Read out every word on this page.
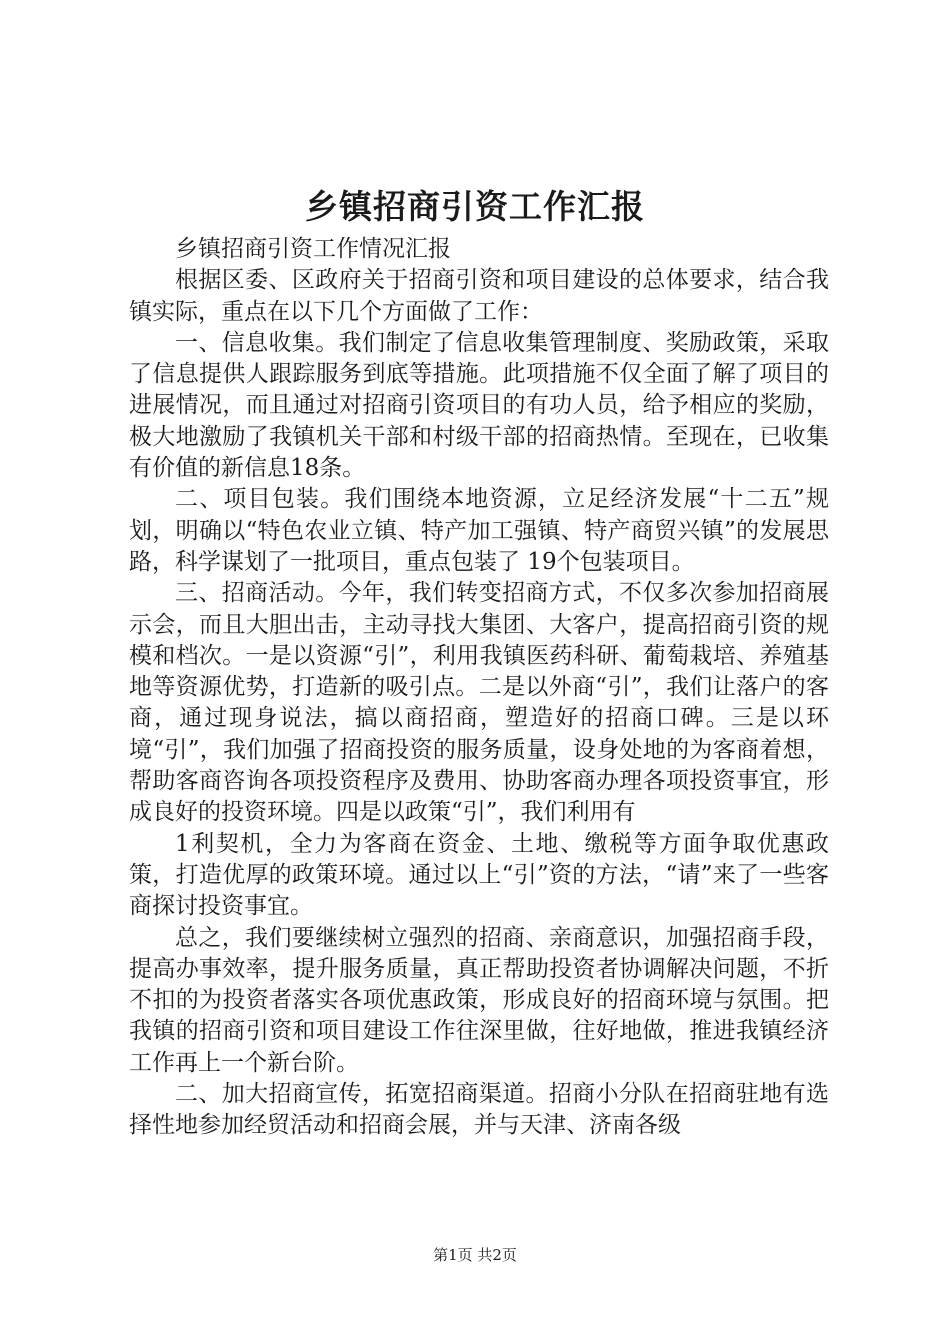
乡镇招商引资工作汇报

乡镇招商引资工作情况汇报

根据区委、区政府关于招商引资和项目建设的总体要求，结合我镇实际，重点在以下几个方面做了工作：

一、信息收集。我们制定了信息收集管理制度、奖励政策，采取了信息提供人跟踪服务到底等措施。此项措施不仅全面了解了项目的进展情况，而且通过对招商引资项目的有功人员，给予相应的奖励，极大地激励了我镇机关干部和村级干部的招商热情。至现在，已收集有价值的新信息18条。

二、项目包装。我们围绕本地资源，立足经济发展“十二五”规划，明确以“特色农业立镇、特产加工强镇、特产商贸兴镇”的发展思路，科学谋划了一批项目，重点包装了 19个包装项目。

三、招商活动。今年，我们转变招商方式，不仅多次参加招商展示会，而且大胆出击，主动寻找大集团、大客户，提高招商引资的规模和档次。一是以资源“引”，利用我镇医药科研、葡萄栽培、养殖基地等资源优势，打造新的吸引点。二是以外商“引”，我们让落户的客商，通过现身说法，搞以商招商，塑造好的招商口碑。三是以环境“引”，我们加强了招商投资的服务质量，设身处地的为客商着想，帮助客商咨询各项投资程序及费用、协助客商办理各项投资事宜，形成良好的投资环境。四是以政策“引”，我们利用有

1利契机，全力为客商在资金、土地、缴税等方面争取优惠政策，打造优厚的政策环境。通过以上“引”资的方法，“请”来了一些客商探讨投资事宜。

总之，我们要继续树立强烈的招商、亲商意识，加强招商手段，提高办事效率，提升服务质量，真正帮助投资者协调解决问题，不折不扣的为投资者落实各项优惠政策，形成良好的招商环境与氛围。把我镇的招商引资和项目建设工作往深里做，往好地做，推进我镇经济工作再上一个新台阶。

二、加大招商宣传，拓宽招商渠道。招商小分队在招商驻地有选择性地参加经贸活动和招商会展，并与天津、济南各级

第1页 共2页
